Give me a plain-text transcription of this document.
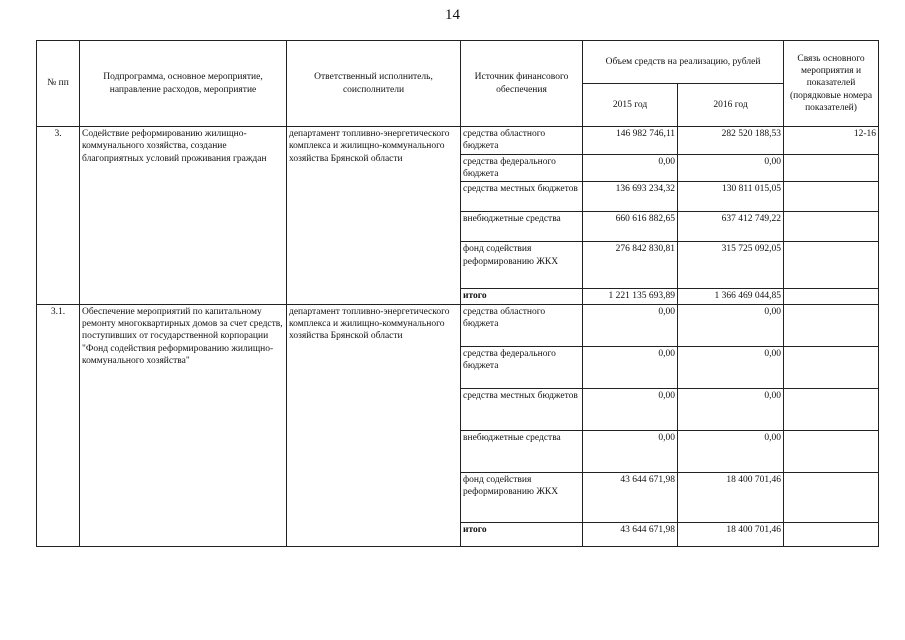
14
№ пп	Подпрограмма, основное мероприятие, направление расходов, мероприятие	Ответственный исполнитель, соисполнители	Источник финансового обеспечения	Объем средств на реализацию, рублей		Связь основного мероприятия и показателей (порядковые номера показателей)
				2015 год	2016 год	
3.	Содействие реформированию жилищно-коммунального хозяйства, создание благоприятных условий проживания граждан	департамент топливно-энергетического комплекса и жилищно-коммунального хозяйства Брянской области	средства областного бюджета	146 982 746,11	282 520 188,53	12-16
			средства федерального бюджета	0,00	0,00	
			средства местных бюджетов	136 693 234,32	130 811 015,05	
			внебюджетные средства	660 616 882,65	637 412 749,22	
			фонд содействия реформированию ЖКХ	276 842 830,81	315 725 092,05	
			итого	1 221 135 693,89	1 366 469 044,85	
3.1.	Обеспечение мероприятий по капитальному ремонту многоквартирных домов за счет средств, поступивших от государственной корпорации "Фонд содействия реформированию жилищно-коммунального хозяйства"	департамент топливно-энергетического комплекса и жилищно-коммунального хозяйства Брянской области	средства областного бюджета	0,00	0,00	
			средства федерального бюджета	0,00	0,00	
			средства местных бюджетов	0,00	0,00	
			внебюджетные средства	0,00	0,00	
			фонд содействия реформированию ЖКХ	43 644 671,98	18 400 701,46	
			итого	43 644 671,98	18 400 701,46	
